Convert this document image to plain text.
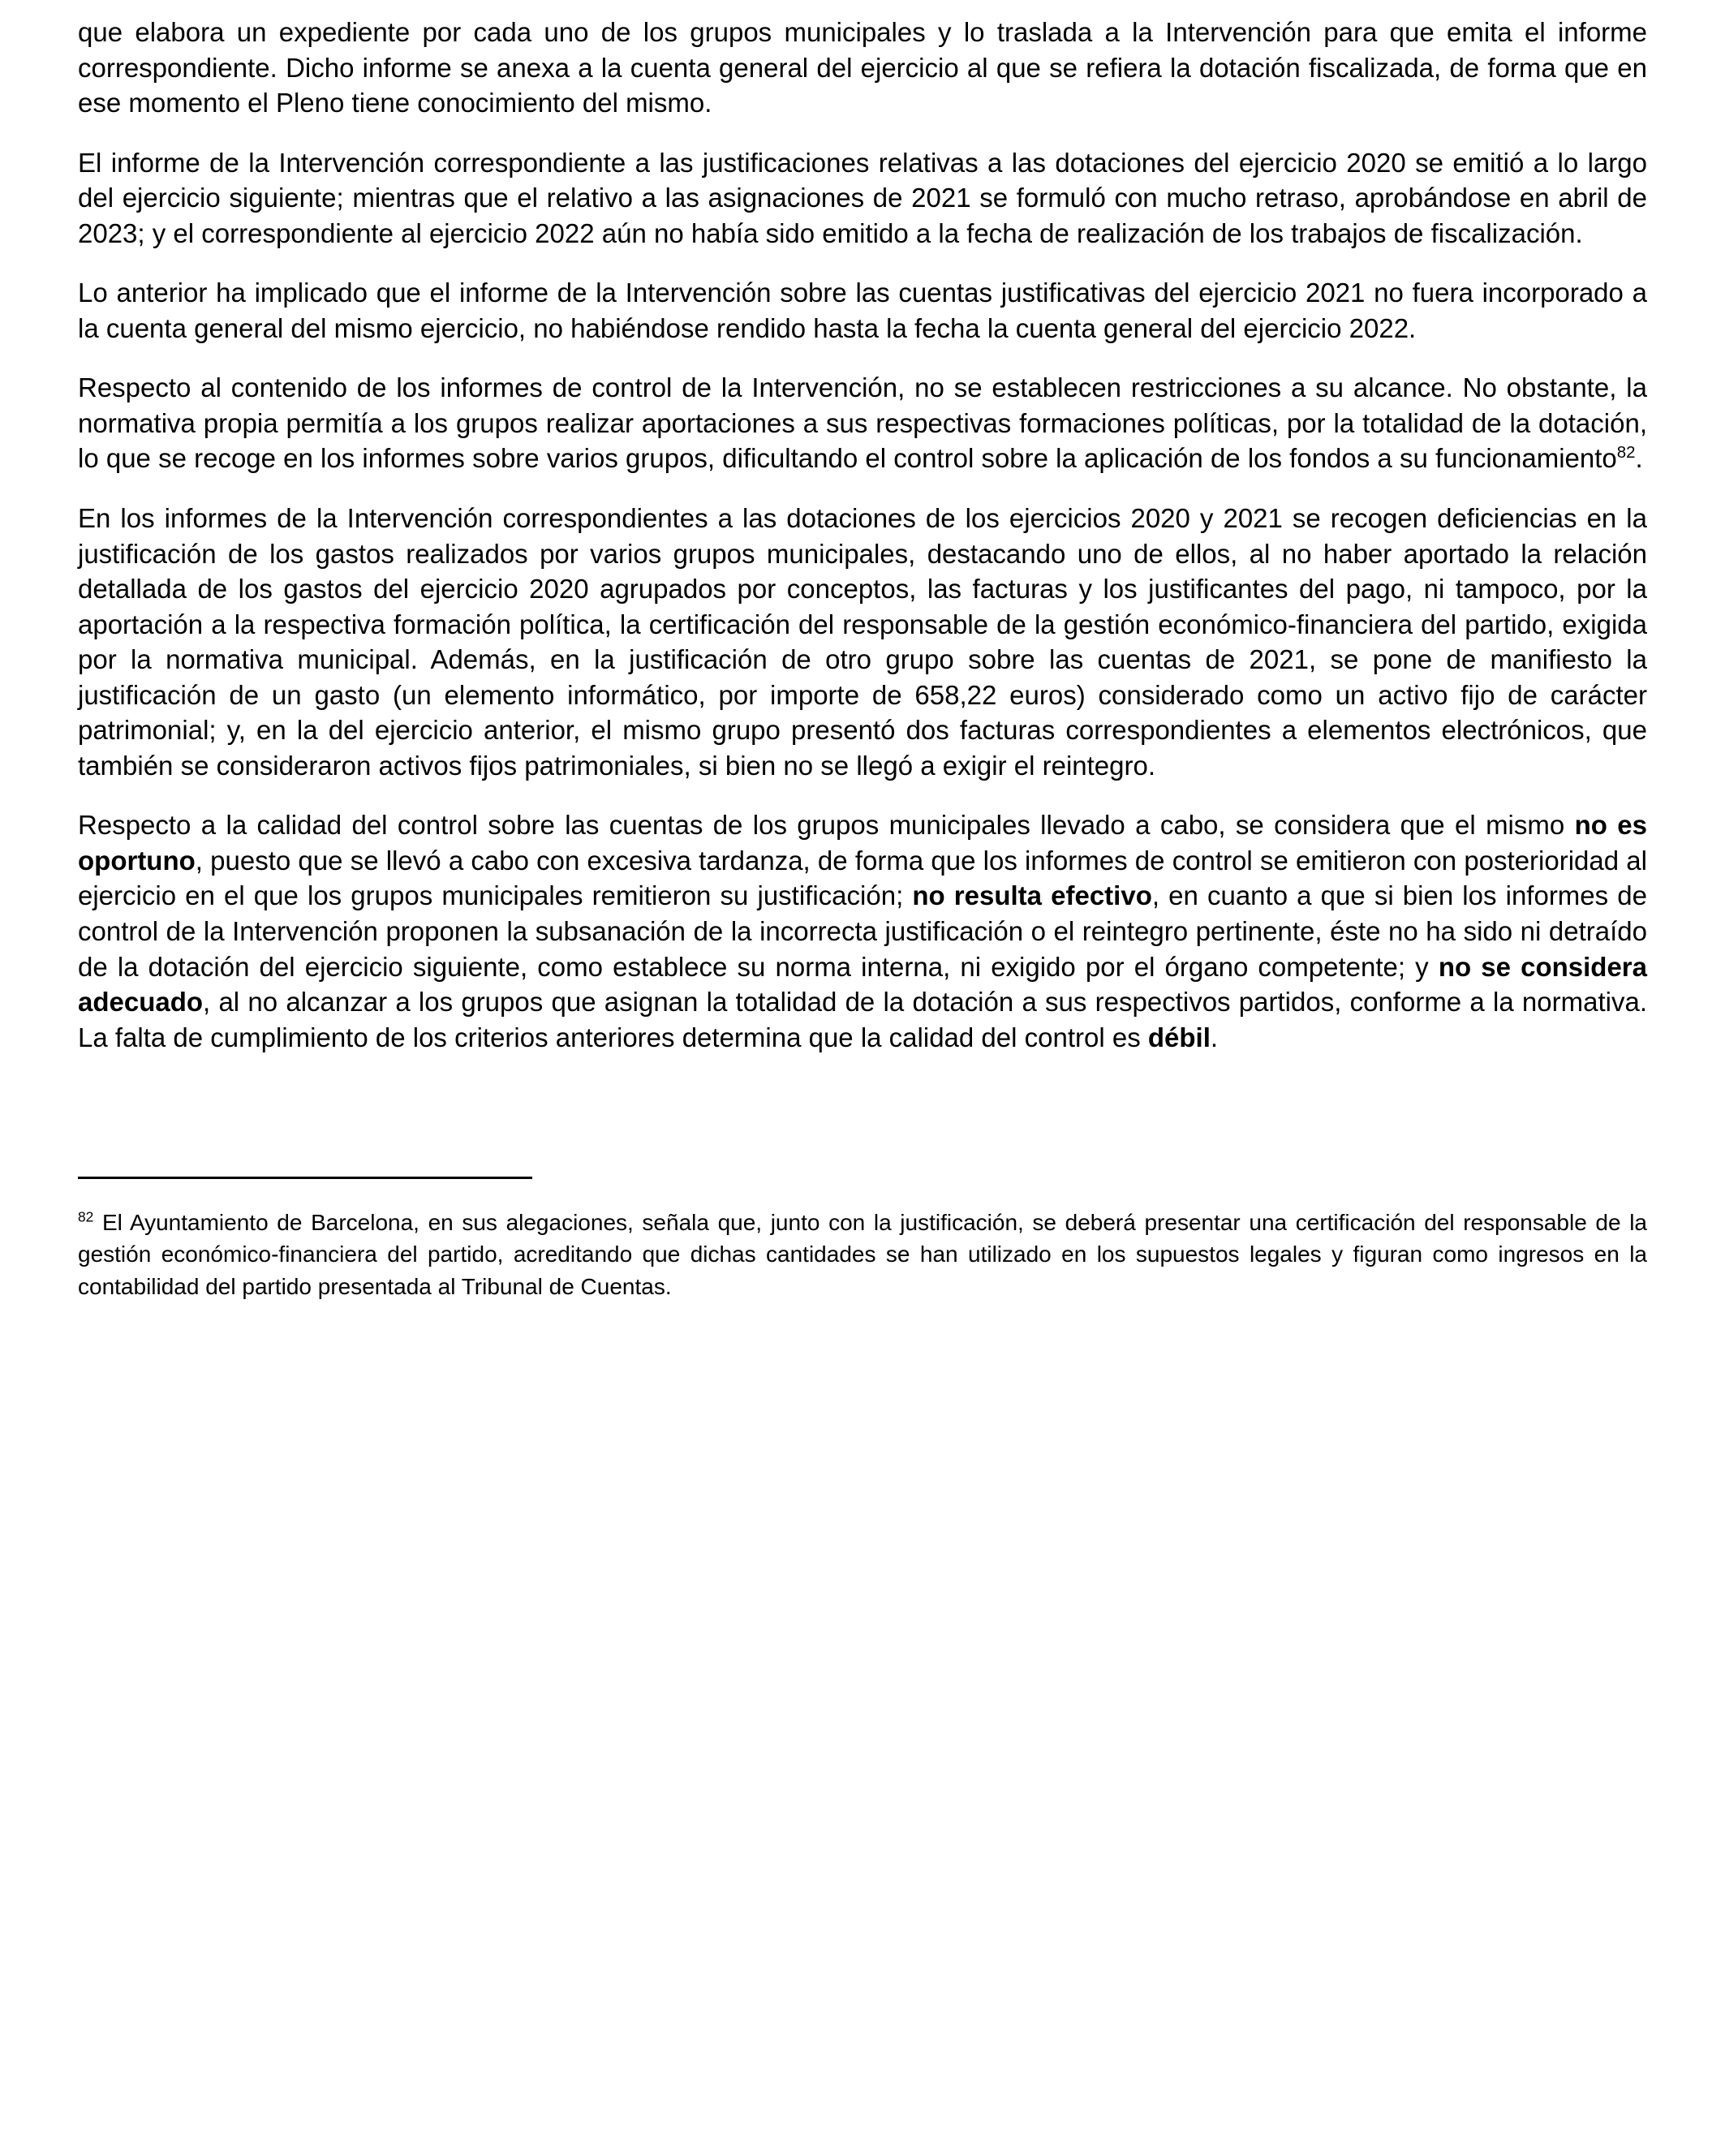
que elabora un expediente por cada uno de los grupos municipales y lo traslada a la Intervención para que emita el informe correspondiente. Dicho informe se anexa a la cuenta general del ejercicio al que se refiera la dotación fiscalizada, de forma que en ese momento el Pleno tiene conocimiento del mismo.

El informe de la Intervención correspondiente a las justificaciones relativas a las dotaciones del ejercicio 2020 se emitió a lo largo del ejercicio siguiente; mientras que el relativo a las asignaciones de 2021 se formuló con mucho retraso, aprobándose en abril de 2023; y el correspondiente al ejercicio 2022 aún no había sido emitido a la fecha de realización de los trabajos de fiscalización.

Lo anterior ha implicado que el informe de la Intervención sobre las cuentas justificativas del ejercicio 2021 no fuera incorporado a la cuenta general del mismo ejercicio, no habiéndose rendido hasta la fecha la cuenta general del ejercicio 2022.

Respecto al contenido de los informes de control de la Intervención, no se establecen restricciones a su alcance. No obstante, la normativa propia permitía a los grupos realizar aportaciones a sus respectivas formaciones políticas, por la totalidad de la dotación, lo que se recoge en los informes sobre varios grupos, dificultando el control sobre la aplicación de los fondos a su funcionamiento$^{82}$.

En los informes de la Intervención correspondientes a las dotaciones de los ejercicios 2020 y 2021 se recogen deficiencias en la justificación de los gastos realizados por varios grupos municipales, destacando uno de ellos, al no haber aportado la relación detallada de los gastos del ejercicio 2020 agrupados por conceptos, las facturas y los justificantes del pago, ni tampoco, por la aportación a la respectiva formación política, la certificación del responsable de la gestión económico-financiera del partido, exigida por la normativa municipal. Además, en la justificación de otro grupo sobre las cuentas de 2021, se pone de manifiesto la justificación de un gasto (un elemento informático, por importe de 658,22 euros) considerado como un activo fijo de carácter patrimonial; y, en la del ejercicio anterior, el mismo grupo presentó dos facturas correspondientes a elementos electrónicos, que también se consideraron activos fijos patrimoniales, si bien no se llegó a exigir el reintegro.

Respecto a la calidad del control sobre las cuentas de los grupos municipales llevado a cabo, se considera que el mismo no es oportuno, puesto que se llevó a cabo con excesiva tardanza, de forma que los informes de control se emitieron con posterioridad al ejercicio en el que los grupos municipales remitieron su justificación; no resulta efectivo, en cuanto a que si bien los informes de control de la Intervención proponen la subsanación de la incorrecta justificación o el reintegro pertinente, éste no ha sido ni detraído de la dotación del ejercicio siguiente, como establece su norma interna, ni exigido por el órgano competente; y no se considera adecuado, al no alcanzar a los grupos que asignan la totalidad de la dotación a sus respectivos partidos, conforme a la normativa. La falta de cumplimiento de los criterios anteriores determina que la calidad del control es débil.

$^{82}$ El Ayuntamiento de Barcelona, en sus alegaciones, señala que, junto con la justificación, se deberá presentar una certificación del responsable de la gestión económico-financiera del partido, acreditando que dichas cantidades se han utilizado en los supuestos legales y figuran como ingresos en la contabilidad del partido presentada al Tribunal de Cuentas.
